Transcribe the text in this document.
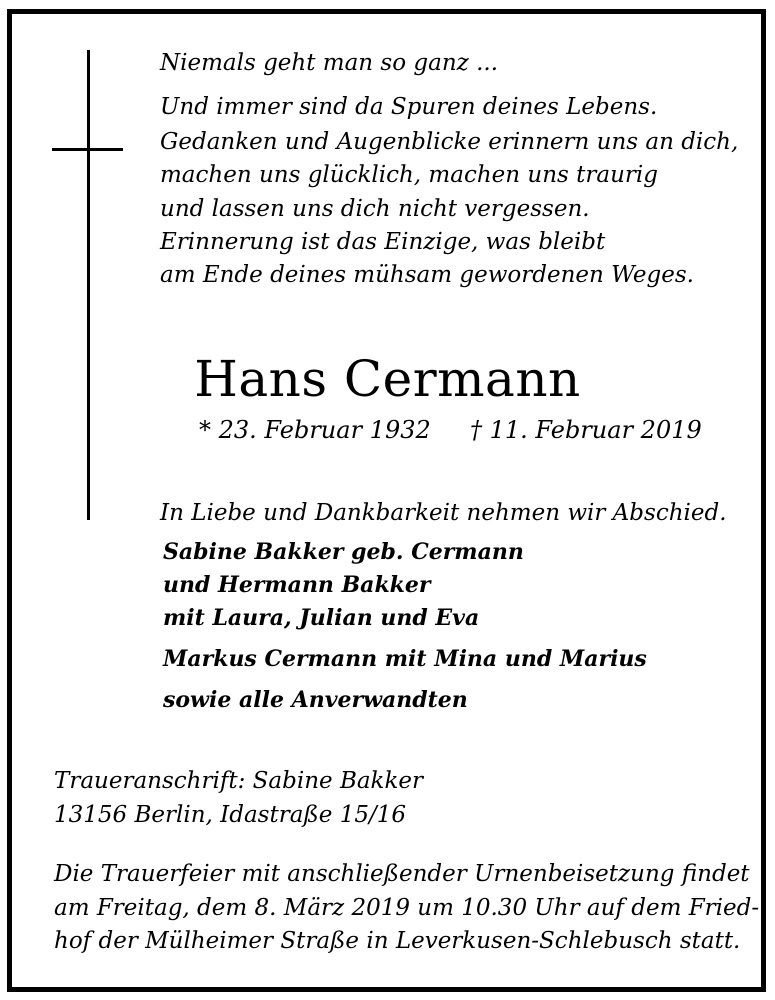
Niemals geht man so ganz ...
Und immer sind da Spuren deines Lebens.
Gedanken und Augenblicke erinnern uns an dich,
machen uns glücklich, machen uns traurig
und lassen uns dich nicht vergessen.
Erinnerung ist das Einzige, was bleibt
am Ende deines mühsam gewordenen Weges.
Hans Cermann
* 23. Februar 1932 † 11. Februar 2019
In Liebe und Dankbarkeit nehmen wir Abschied.
Sabine Bakker geb. Cermann
und Hermann Bakker
mit Laura, Julian und Eva
Markus Cermann mit Mina und Marius
sowie alle Anverwandten
Traueranschrift: Sabine Bakker
13156 Berlin, Idastraße 15/16
Die Trauerfeier mit anschließender Urnenbeisetzung findet
am Freitag, dem 8. März 2019 um 10.30 Uhr auf dem Fried-
hof der Mülheimer Straße in Leverkusen-Schlebusch statt.
